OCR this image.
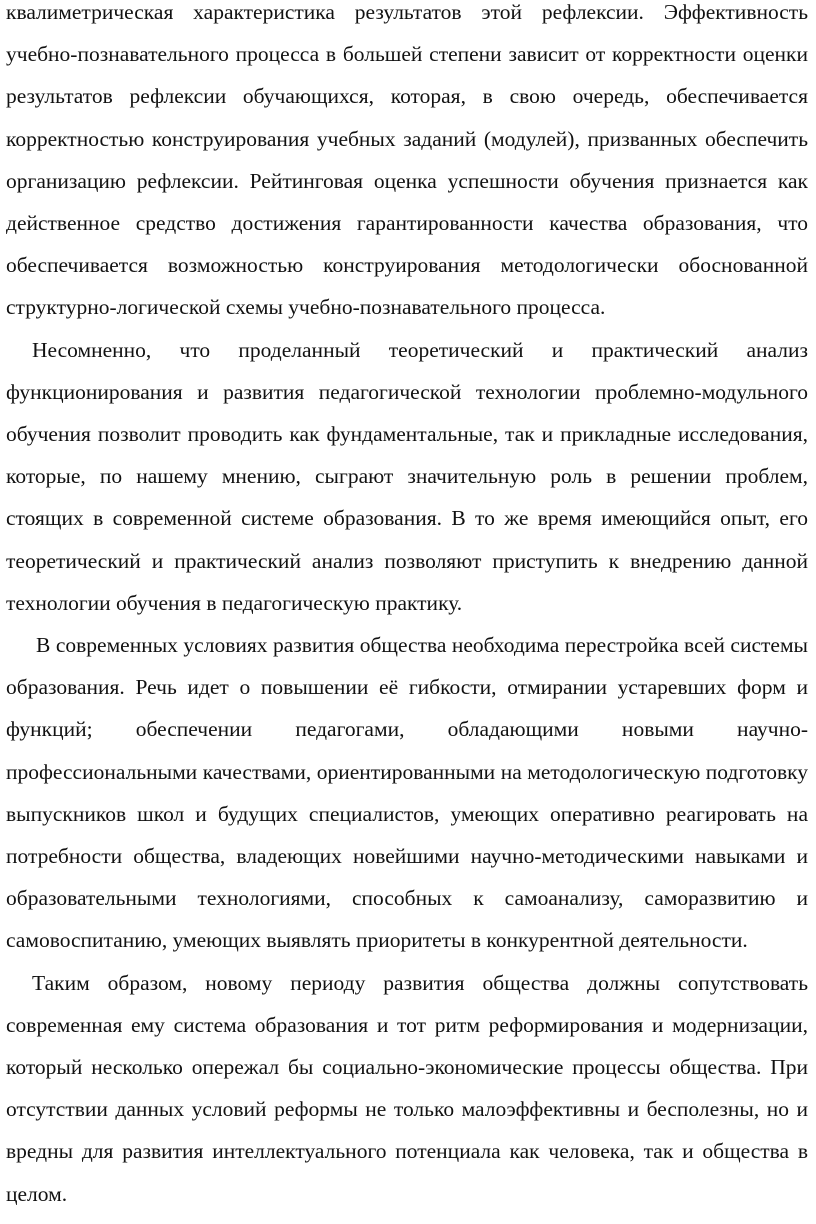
квалиметрическая характеристика результатов этой рефлексии. Эффективность учебно-познавательного процесса в большей степени зависит от корректности оценки результатов рефлексии обучающихся, которая, в свою очередь, обеспечивается корректностью конструирования учебных заданий (модулей), призванных обеспечить организацию рефлексии. Рейтинговая оценка успешности обучения признается как действенное средство достижения гарантированности качества образования, что обеспечивается возможностью конструирования методологически обоснованной структурно-логической схемы учебно-познавательного процесса.

Несомненно, что проделанный теоретический и практический анализ функционирования и развития педагогической технологии проблемно-модульного обучения позволит проводить как фундаментальные, так и прикладные исследования, которые, по нашему мнению, сыграют значительную роль в решении проблем, стоящих в современной системе образования. В то же время имеющийся опыт, его теоретический и практический анализ позволяют приступить к внедрению данной технологии обучения в педагогическую практику.

В современных условиях развития общества необходима перестройка всей системы образования. Речь идет о повышении её гибкости, отмирании устаревших форм и функций; обеспечении педагогами, обладающими новыми научно-профессиональными качествами, ориентированными на методологическую подготовку выпускников школ и будущих специалистов, умеющих оперативно реагировать на потребности общества, владеющих новейшими научно-методическими навыками и образовательными технологиями, способных к самоанализу, саморазвитию и самовоспитанию, умеющих выявлять приоритеты в конкурентной деятельности.

Таким образом, новому периоду развития общества должны сопутствовать современная ему система образования и тот ритм реформирования и модернизации, который несколько опережал бы социально-экономические процессы общества. При отсутствии данных условий реформы не только малоэффективны и бесполезны, но и вредны для развития интеллектуального потенциала как человека, так и общества в целом.
